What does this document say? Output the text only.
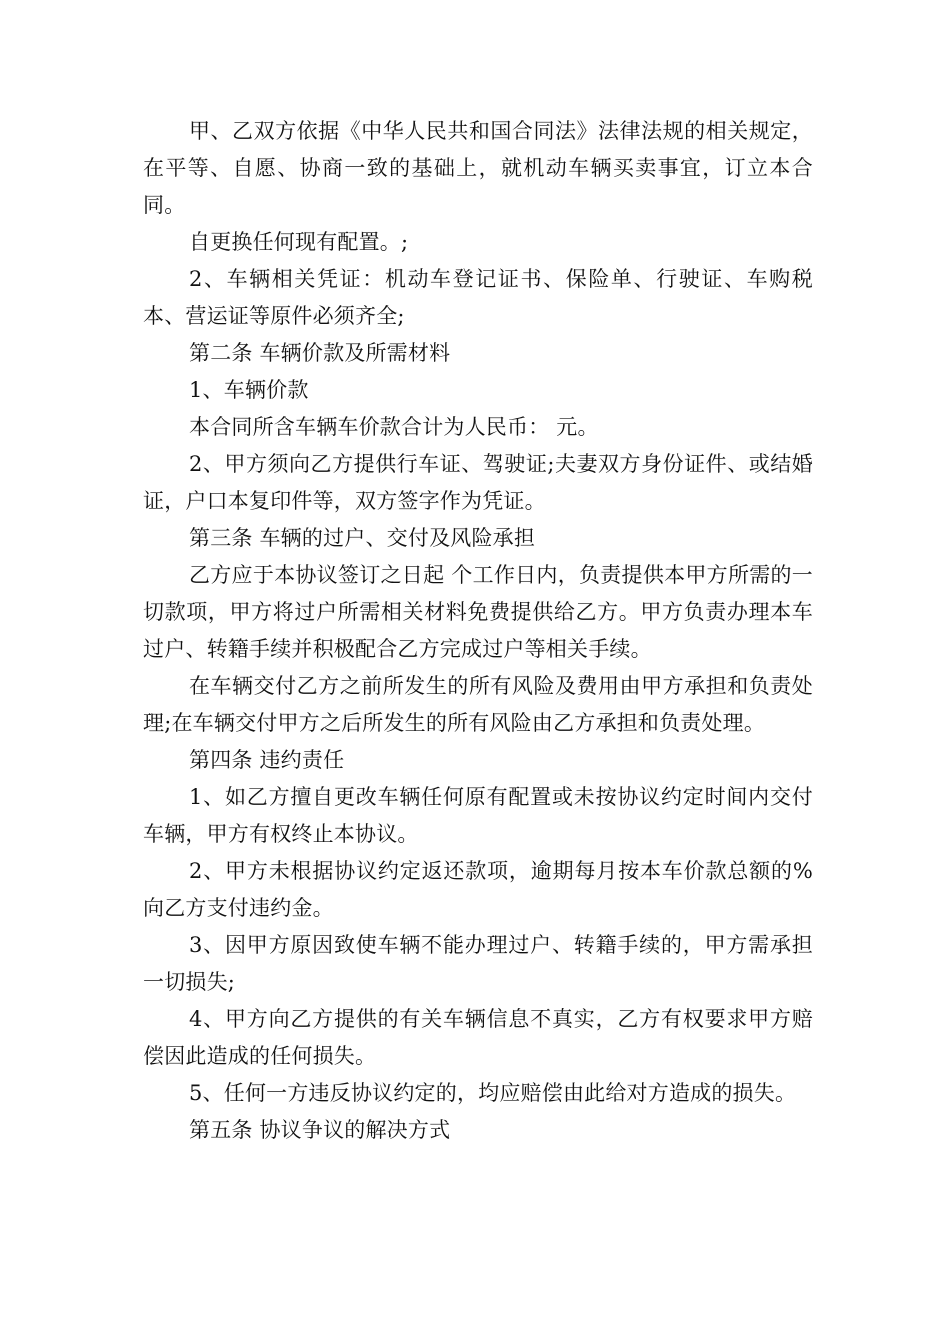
甲、乙双方依据《中华人民共和国合同法》法律法规的相关规定，在平等、自愿、协商一致的基础上，就机动车辆买卖事宜，订立本合同。

自更换任何现有配置。;

2、车辆相关凭证：机动车登记证书、保险单、行驶证、车购税本、营运证等原件必须齐全;

第二条 车辆价款及所需材料

1、车辆价款

本合同所含车辆车价款合计为人民币： 元。

2、甲方须向乙方提供行车证、驾驶证;夫妻双方身份证件、或结婚证，户口本复印件等，双方签字作为凭证。

第三条 车辆的过户、交付及风险承担

乙方应于本协议签订之日起 个工作日内，负责提供本甲方所需的一切款项，甲方将过户所需相关材料免费提供给乙方。甲方负责办理本车过户、转籍手续并积极配合乙方完成过户等相关手续。

在车辆交付乙方之前所发生的所有风险及费用由甲方承担和负责处理;在车辆交付甲方之后所发生的所有风险由乙方承担和负责处理。

第四条 违约责任

1、如乙方擅自更改车辆任何原有配置或未按协议约定时间内交付车辆，甲方有权终止本协议。

2、甲方未根据协议约定返还款项，逾期每月按本车价款总额的%向乙方支付违约金。

3、因甲方原因致使车辆不能办理过户、转籍手续的，甲方需承担一切损失;

4、甲方向乙方提供的有关车辆信息不真实，乙方有权要求甲方赔偿因此造成的任何损失。

5、任何一方违反协议约定的，均应赔偿由此给对方造成的损失。

第五条 协议争议的解决方式
